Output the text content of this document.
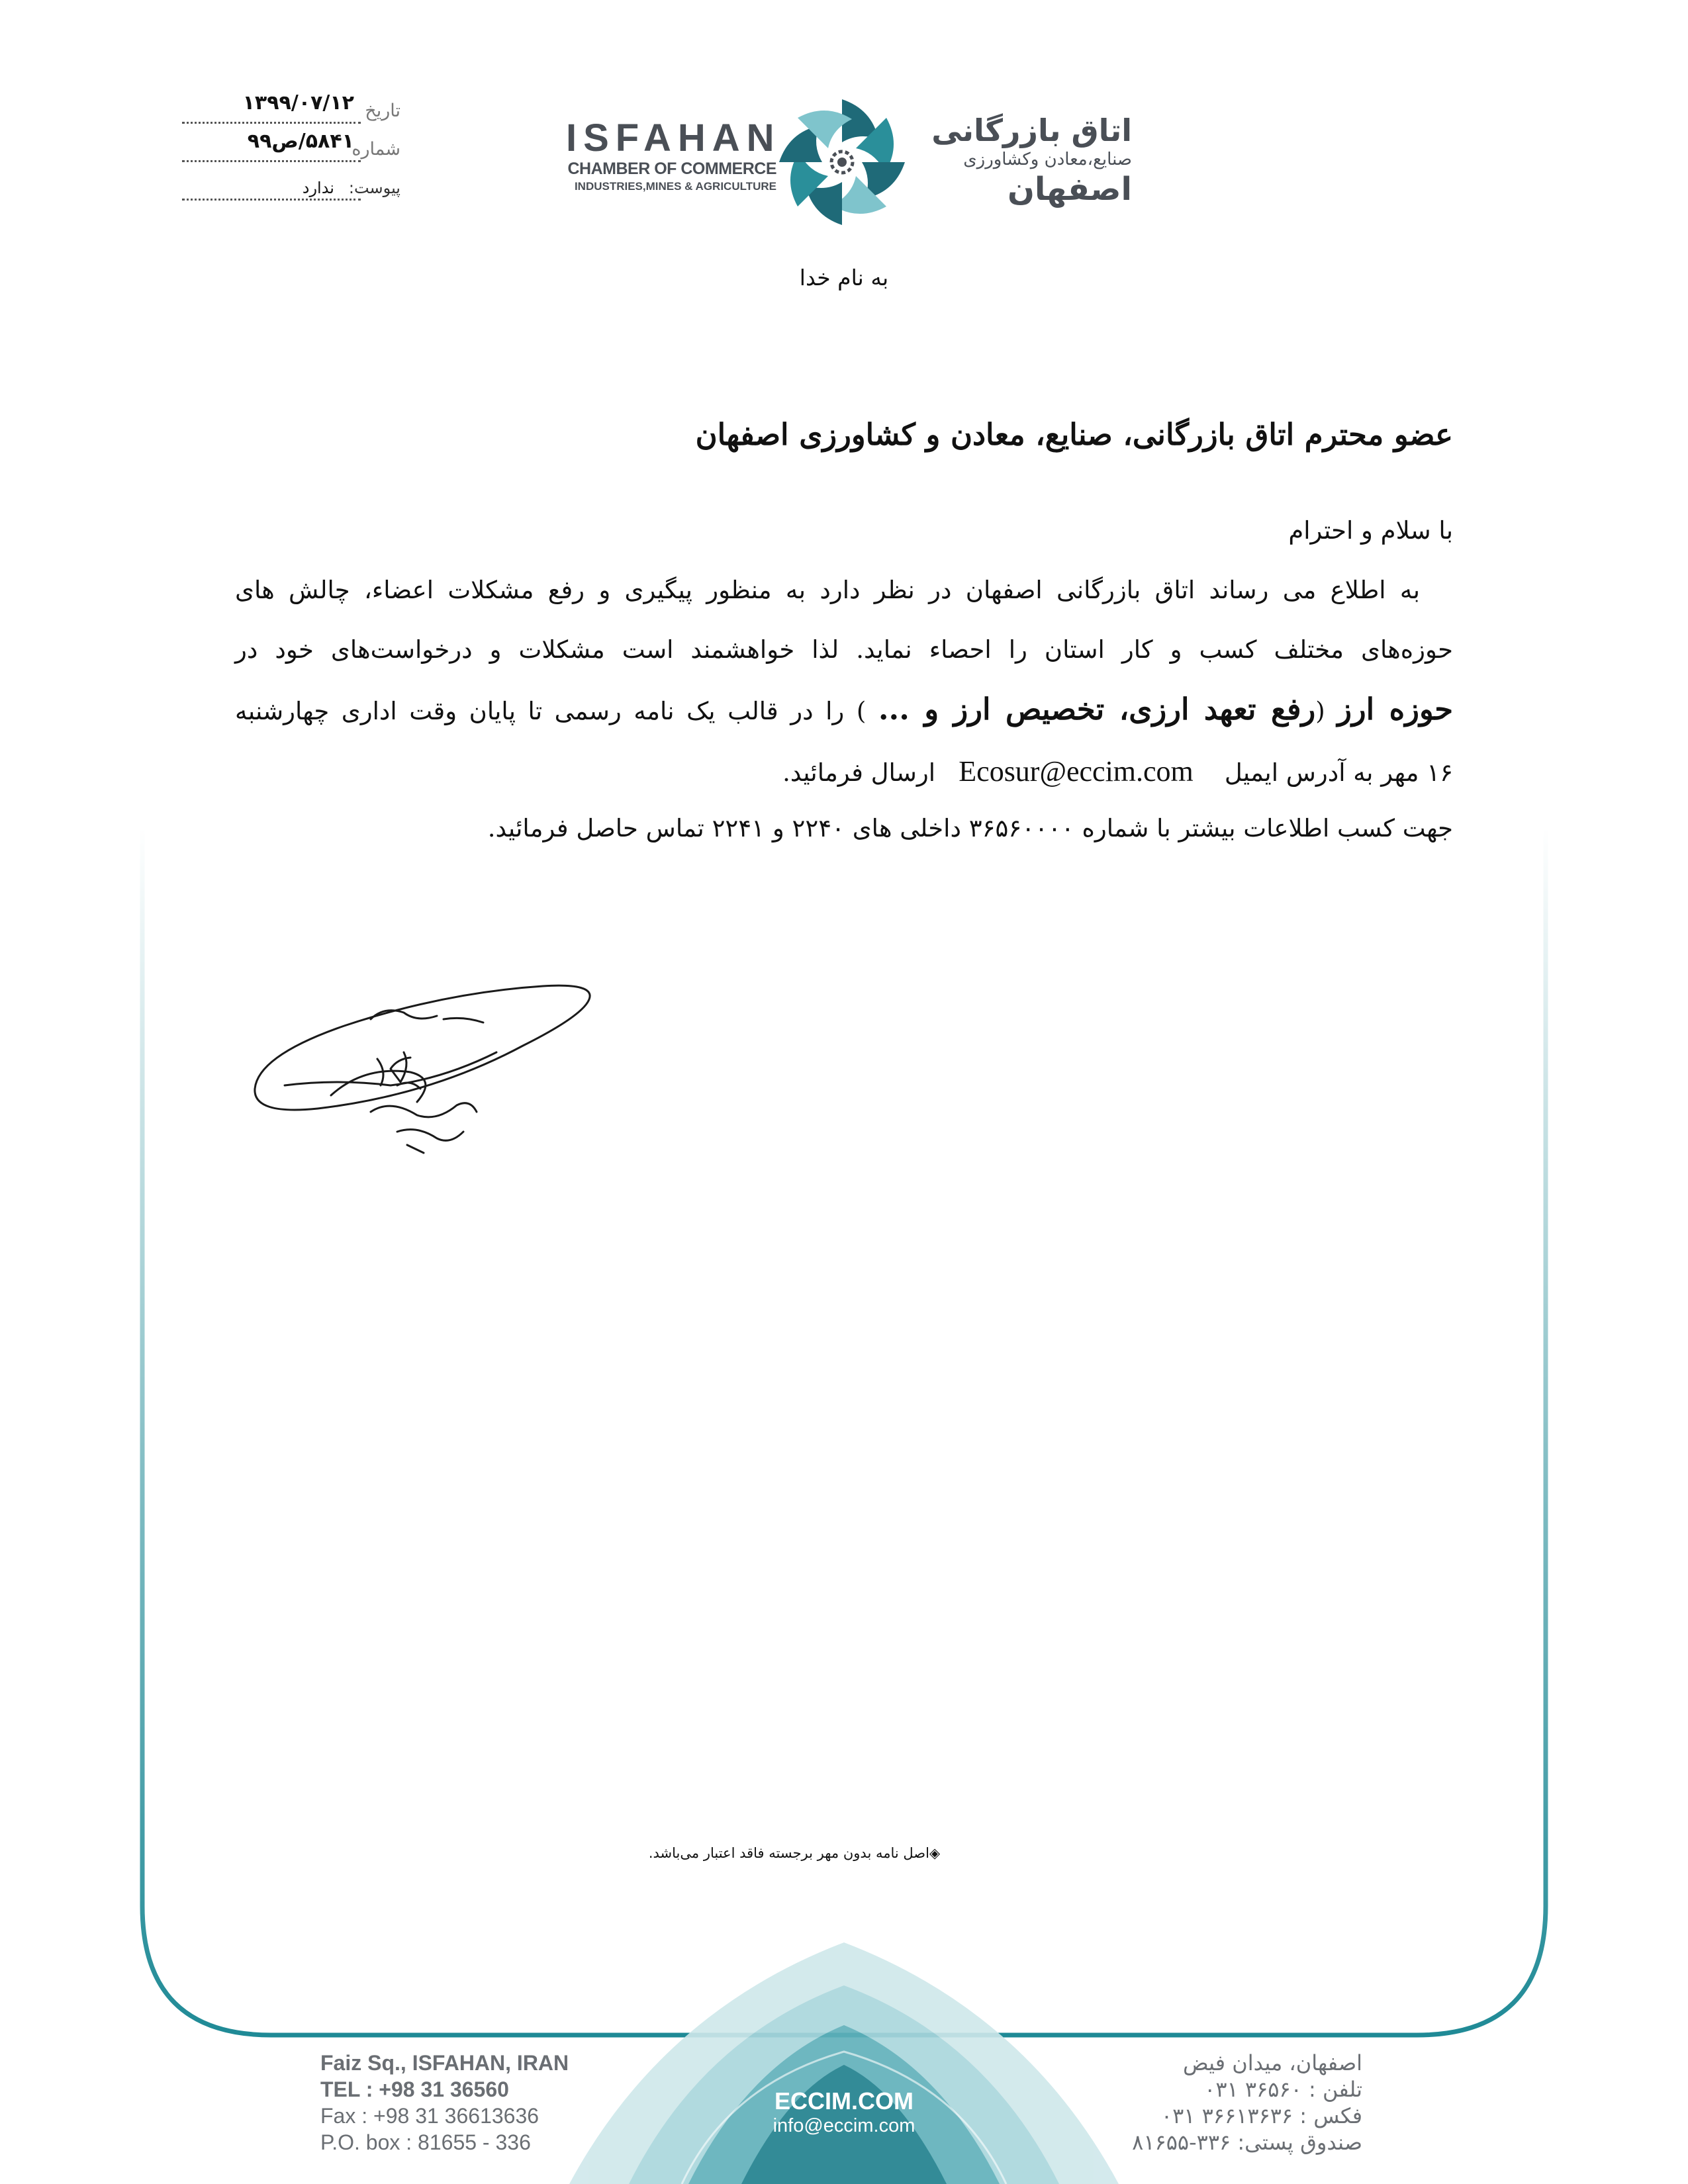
تاریخ
۱۳۹۹/۰۷/۱۲
شماره
۵۸۴۱/ص۹۹
پیوست:
ندارد
ISFAHAN
CHAMBER OF COMMERCE
INDUSTRIES,MINES & AGRICULTURE
اتاق بازرگانی
صنایع،معادن وکشاورزی
اصفهان
به نام خدا
عضو محترم اتاق بازرگانی، صنایع، معادن و کشاورزی اصفهان
با سلام و احترام
به اطلاع می رساند اتاق بازرگانی اصفهان در نظر دارد به منظور پیگیری و رفع مشکلات اعضاء، چالش های
حوزه‌های مختلف کسب و کار استان را احصاء نماید. لذا خواهشمند است مشکلات و درخواست‌های خود در
حوزه ارز (رفع تعهد ارزی، تخصیص ارز و ... ) را در قالب یک نامه رسمی تا پایان وقت اداری چهارشنبه
۱۶ مهر به آدرس ایمیل    Ecosur@eccim.com   ارسال فرمائید.
جهت کسب اطلاعات بیشتر با شماره ۳۶۵۶۰۰۰۰ داخلی های ۲۲۴۰ و ۲۲۴۱ تماس حاصل فرمائید.
◈اصل نامه بدون مهر برجسته فاقد اعتبار می‌باشد.
Faiz Sq., ISFAHAN, IRAN
TEL : +98 31 36560
Fax : +98 31 36613636
P.O. box : 81655 - 336
ECCIM.COM
info@eccim.com
اصفهان، میدان فیض
تلفن : ۳۶۵۶۰ ۰۳۱
فکس : ۳۶۶۱۳۶۳۶ ۰۳۱
صندوق پستی: ۳۳۶-۸۱۶۵۵
